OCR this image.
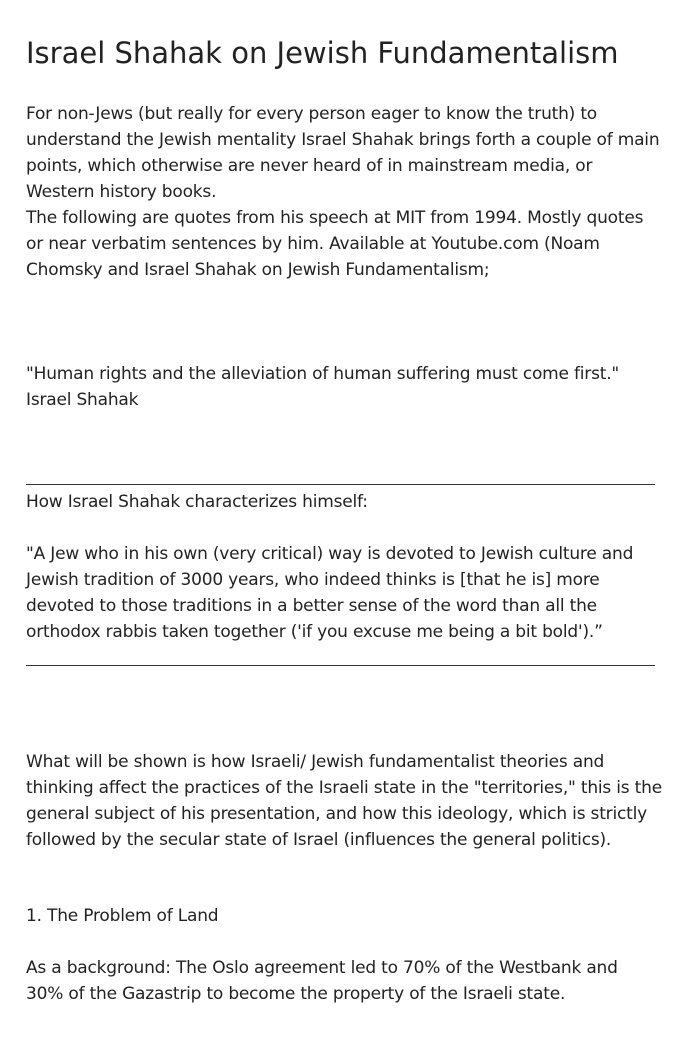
Israel Shahak on Jewish Fundamentalism

For non-Jews (but really for every person eager to know the truth) to
understand the Jewish mentality Israel Shahak brings forth a couple of main
points, which otherwise are never heard of in mainstream media, or
Western history books.
The following are quotes from his speech at MIT from 1994. Mostly quotes
or near verbatim sentences by him. Available at Youtube.com (Noam
Chomsky and Israel Shahak on Jewish Fundamentalism;

"Human rights and the alleviation of human suffering must come first."
Israel Shahak

How Israel Shahak characterizes himself:

"A Jew who in his own (very critical) way is devoted to Jewish culture and
Jewish tradition of 3000 years, who indeed thinks is [that he is] more
devoted to those traditions in a better sense of the word than all the
orthodox rabbis taken together ('if you excuse me being a bit bold').”

What will be shown is how Israeli/ Jewish fundamentalist theories and
thinking affect the practices of the Israeli state in the "territories," this is the
general subject of his presentation, and how this ideology, which is strictly
followed by the secular state of Israel (influences the general politics).

1. The Problem of Land

As a background: The Oslo agreement led to 70% of the Westbank and
30% of the Gazastrip to become the property of the Israeli state.
